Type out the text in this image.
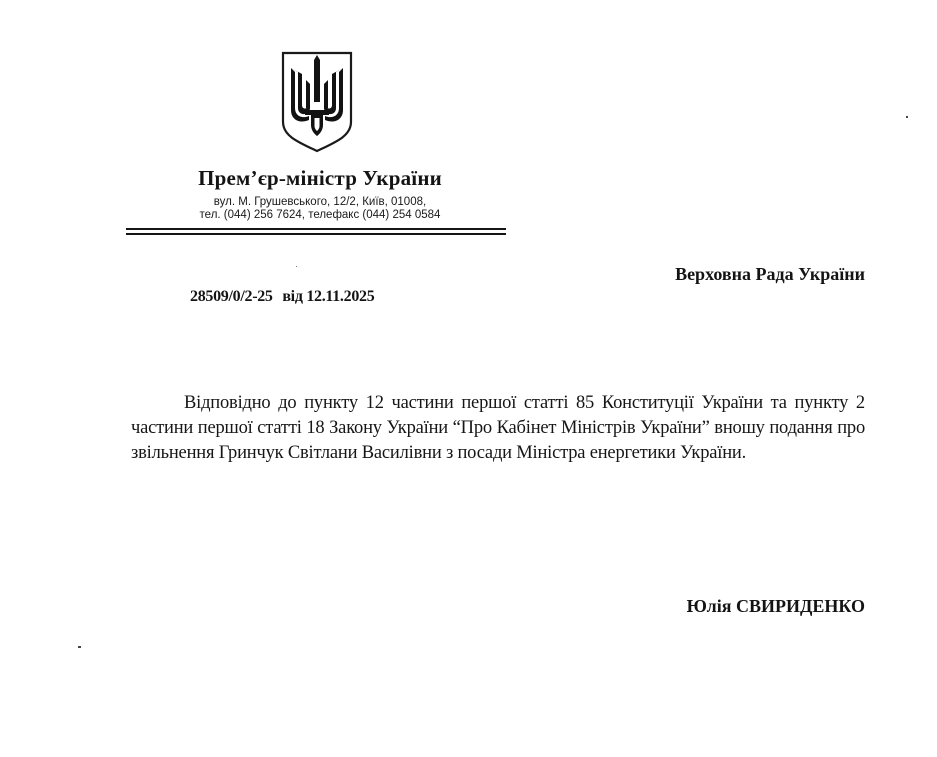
Прем’єр-міністр України
вул. М. Грушевського, 12/2, Київ, 01008,
тел. (044) 256 7624, телефакс (044) 254 0584
Верховна Рада України
28509/0/2-25 від 12.11.2025

Відповідно до пункту 12 частини першої статті 85 Конституції України та пункту 2 частини першої статті 18 Закону України “Про Кабінет Міністрів України” вношу подання про звільнення Гринчук Світлани Василівни з посади Міністра енергетики України.

Юлія СВИРИДЕНКО
